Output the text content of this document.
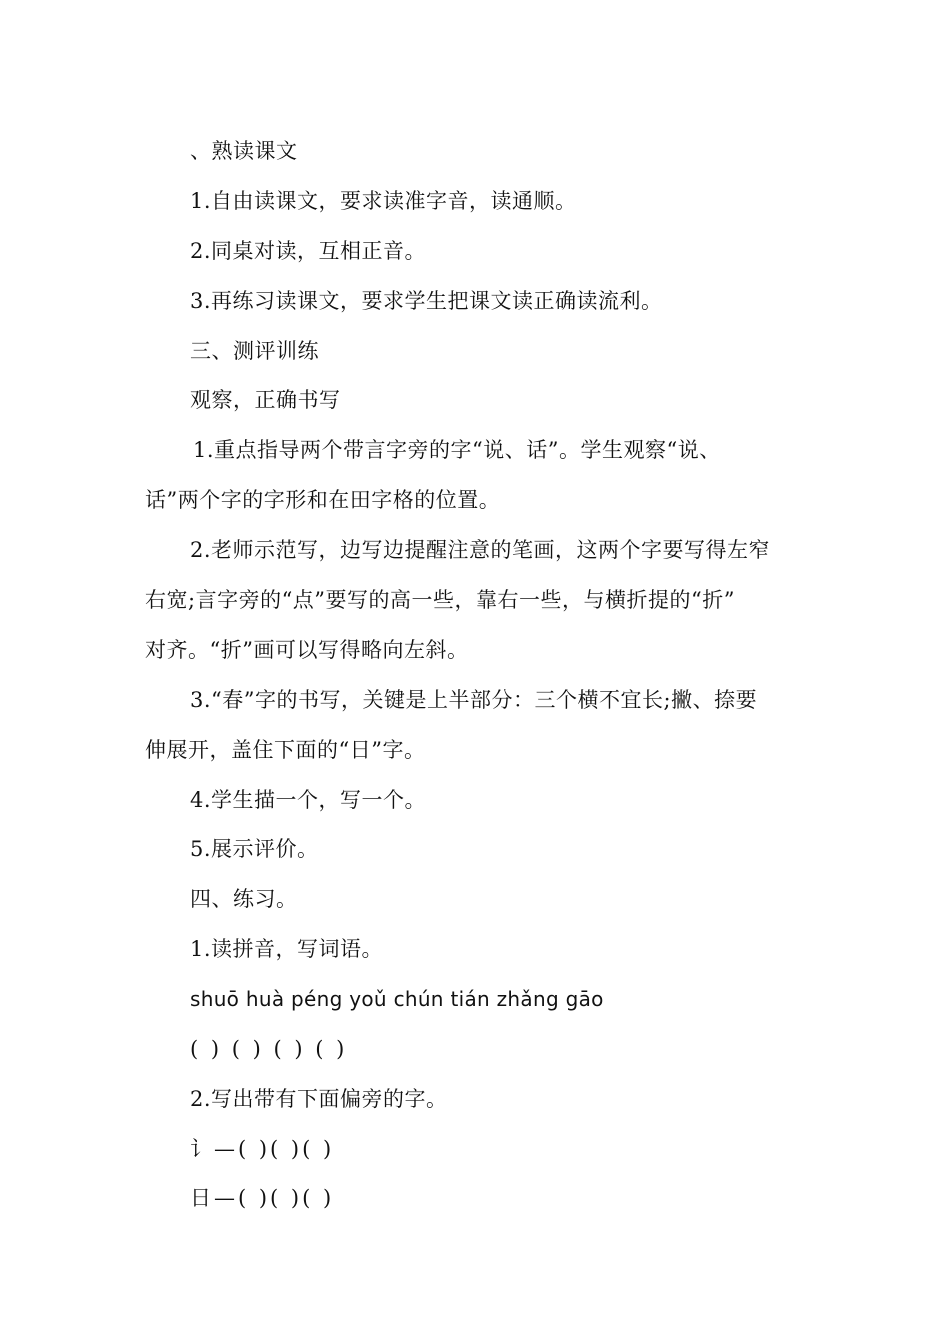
、熟读课文
1.自由读课文，要求读准字音，读通顺。
2.同桌对读，互相正音。
3.再练习读课文，要求学生把课文读正确读流利。
三、测评训练
观察，正确书写
1.重点指导两个带言字旁的字“说、话”。学生观察“说、
话”两个字的字形和在田字格的位置。
2.老师示范写，边写边提醒注意的笔画，这两个字要写得左窄
右宽;言字旁的“点”要写的高一些，靠右一些，与横折提的“折”
对齐。“折”画可以写得略向左斜。
3.“春”字的书写，关键是上半部分：三个横不宜长;撇、捺要
伸展开，盖住下面的“日”字。
4.学生描一个，写一个。
5.展示评价。
四、练习。
1.读拼音，写词语。
shuō huà péng yoǔ chún tián zhǎng gāo
( ) ( ) ( ) ( )
2.写出带有下面偏旁的字。
讠—( )( )( )
日—( )( )( )
